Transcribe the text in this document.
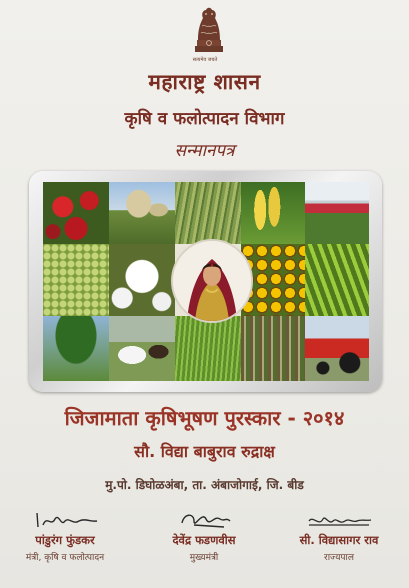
सत्यमेव जयते
महाराष्ट्र शासन
कृषि व फलोत्पादन विभाग
सन्मानपत्र
जिजामाता कृषिभूषण पुरस्कार - २०१४
सौ. विद्या बाबुराव रुद्राक्ष
मु.पो. डिघोळअंबा, ता. अंबाजोगाई, जि. बीड
पांडुरंग फुंडकर
मंत्री, कृषि व फलोत्पादन
देवेंद्र फडणवीस
मुख्यमंत्री
सी. विद्यासागर राव
राज्यपाल
